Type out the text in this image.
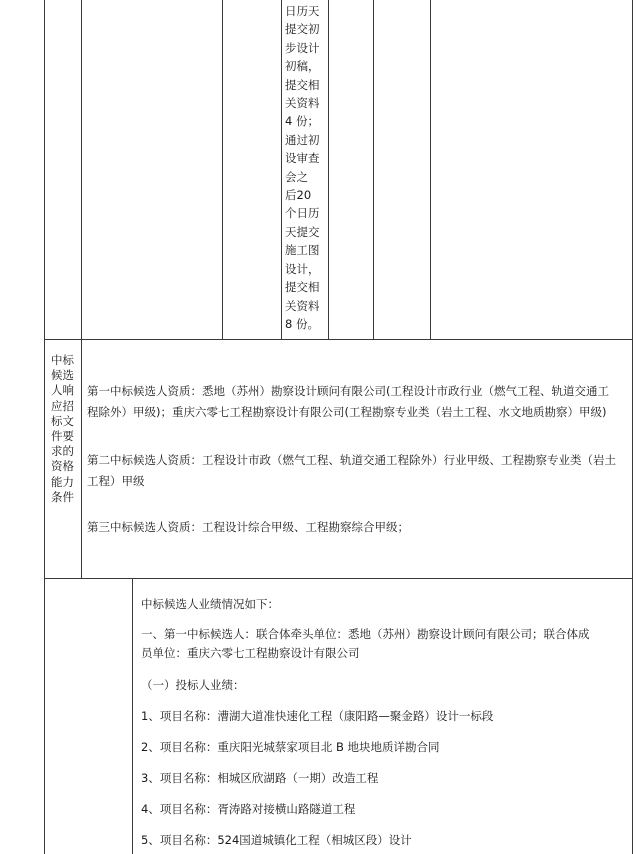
日历天
提交初
步设计
初稿，
提交相
关资料
4 份；
通过初
设审查
会之
后20
个日历
天提交
施工图
设计，
提交相
关资料
8 份。
中标
候选
人响
应招
标文
件要
求的
资格
能力
条件
第一中标候选人资质：悉地（苏州）勘察设计顾问有限公司(工程设计市政行业（燃气工程、轨道交通工
程除外）甲级)；重庆六零七工程勘察设计有限公司(工程勘察专业类（岩土工程、水文地质勘察）甲级)
第二中标候选人资质：工程设计市政（燃气工程、轨道交通工程除外）行业甲级、工程勘察专业类（岩土
工程）甲级
第三中标候选人资质：工程设计综合甲级、工程勘察综合甲级；
中标候选人业绩情况如下：
一、第一中标候选人：联合体牵头单位：悉地（苏州）勘察设计顾问有限公司；联合体成
员单位：重庆六零七工程勘察设计有限公司
（一）投标人业绩：
1、项目名称：漕湖大道准快速化工程（康阳路—聚金路）设计一标段
2、项目名称：重庆阳光城蔡家项目北 B 地块地质详勘合同
3、项目名称：相城区欣湖路（一期）改造工程
4、项目名称：胥涛路对接横山路隧道工程
5、项目名称：524国道城镇化工程（相城区段）设计
